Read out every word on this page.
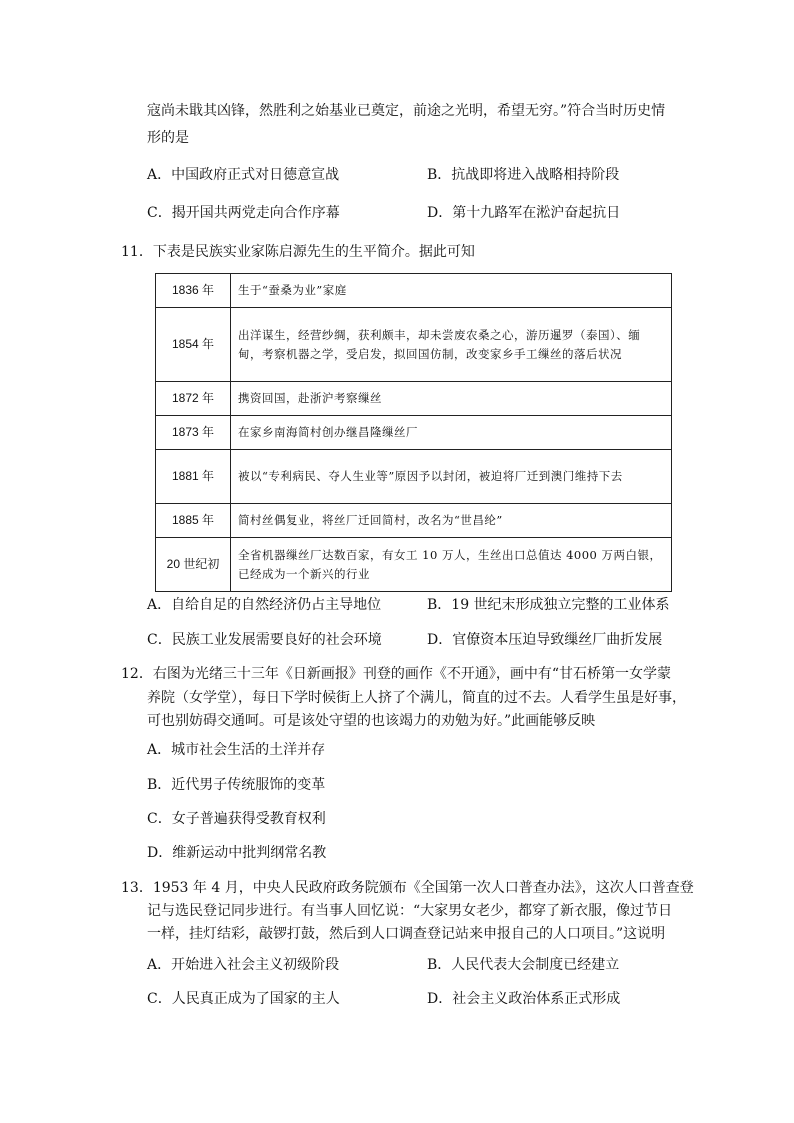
寇尚未戢其凶锋，然胜利之始基业已奠定，前途之光明，希望无穷。”符合当时历史情
形的是
A．中国政府正式对日德意宣战	B．抗战即将进入战略相持阶段
C．揭开国共两党走向合作序幕	D．第十九路军在淞沪奋起抗日
11．下表是民族实业家陈启源先生的生平简介。据此可知
1836 年	生于“蚕桑为业”家庭
1854 年	出洋谋生，经营纱绸，获利颇丰，却未尝废农桑之心，游历暹罗（泰国）、缅甸，考察机器之学，受启发，拟回国仿制，改变家乡手工缫丝的落后状况
1872 年	携资回国，赴浙沪考察缫丝
1873 年	在家乡南海简村创办继昌隆缫丝厂
1881 年	被以“专利病民、夺人生业等”原因予以封闭，被迫将厂迁到澳门维持下去
1885 年	简村丝偶复业，将丝厂迁回简村，改名为“世昌纶”
20 世纪初	全省机器缫丝厂达数百家，有女工 10 万人，生丝出口总值达 4000 万两白银，已经成为一个新兴的行业
A．自给自足的自然经济仍占主导地位	B．19 世纪末形成独立完整的工业体系
C．民族工业发展需要良好的社会环境	D．官僚资本压迫导致缫丝厂曲折发展
12．右图为光绪三十三年《日新画报》刊登的画作《不开通》，画中有“甘石桥第一女学蒙
养院（女学堂），每日下学时候街上人挤了个满儿，简直的过不去。人看学生虽是好事，
可也别妨碍交通呵。可是该处守望的也该竭力的劝勉为好。”此画能够反映
A．城市社会生活的土洋并存
B．近代男子传统服饰的变革
C．女子普遍获得受教育权利
D．维新运动中批判纲常名教
13．1953 年 4 月，中央人民政府政务院颁布《全国第一次人口普查办法》，这次人口普查登
记与选民登记同步进行。有当事人回忆说：“大家男女老少，都穿了新衣服，像过节日
一样，挂灯结彩，敲锣打鼓，然后到人口调查登记站来申报自己的人口项目。”这说明
A．开始进入社会主义初级阶段	B．人民代表大会制度已经建立
C．人民真正成为了国家的主人	D．社会主义政治体系正式形成
